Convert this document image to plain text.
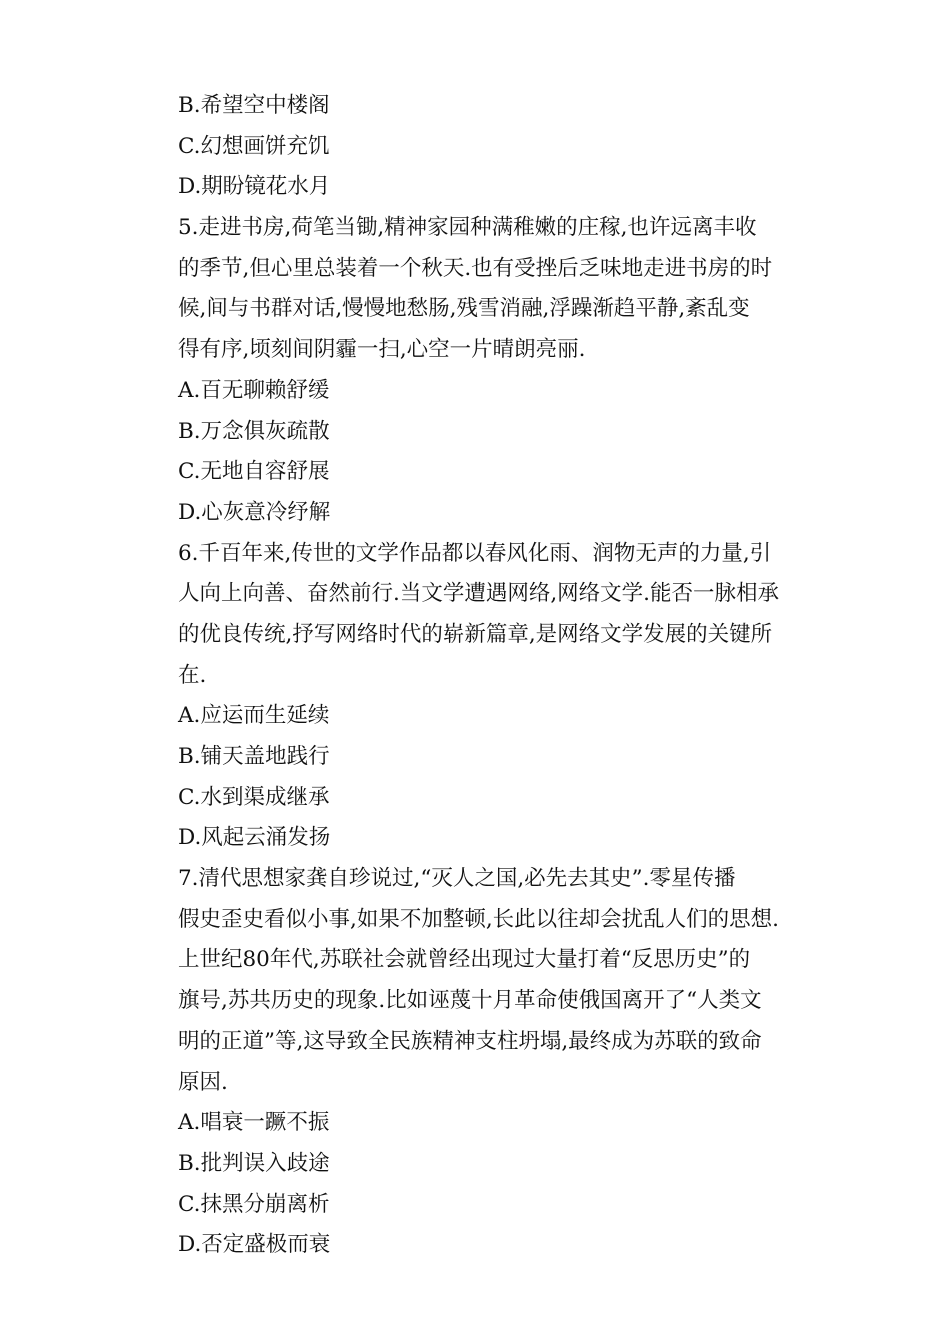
B.希望空中楼阁
C.幻想画饼充饥
D.期盼镜花水月
5.走进书房,荷笔当锄,精神家园种满稚嫩的庄稼,也许远离丰收
的季节,但心里总装着一个秋天.也有受挫后乏味地走进书房的时
候,间与书群对话,慢慢地愁肠,残雪消融,浮躁渐趋平静,紊乱变
得有序,顷刻间阴霾一扫,心空一片晴朗亮丽.
A.百无聊赖舒缓
B.万念俱灰疏散
C.无地自容舒展
D.心灰意冷纾解
6.千百年来,传世的文学作品都以春风化雨、润物无声的力量,引
人向上向善、奋然前行.当文学遭遇网络,网络文学.能否一脉相承
的优良传统,抒写网络时代的崭新篇章,是网络文学发展的关键所
在.
A.应运而生延续
B.铺天盖地践行
C.水到渠成继承
D.风起云涌发扬
7.清代思想家龚自珍说过,“灭人之国,必先去其史”.零星传播
假史歪史看似小事,如果不加整顿,长此以往却会扰乱人们的思想.
上世纪80年代,苏联社会就曾经出现过大量打着“反思历史”的
旗号,苏共历史的现象.比如诬蔑十月革命使俄国离开了“人类文
明的正道”等,这导致全民族精神支柱坍塌,最终成为苏联的致命
原因.
A.唱衰一蹶不振
B.批判误入歧途
C.抹黑分崩离析
D.否定盛极而衰
